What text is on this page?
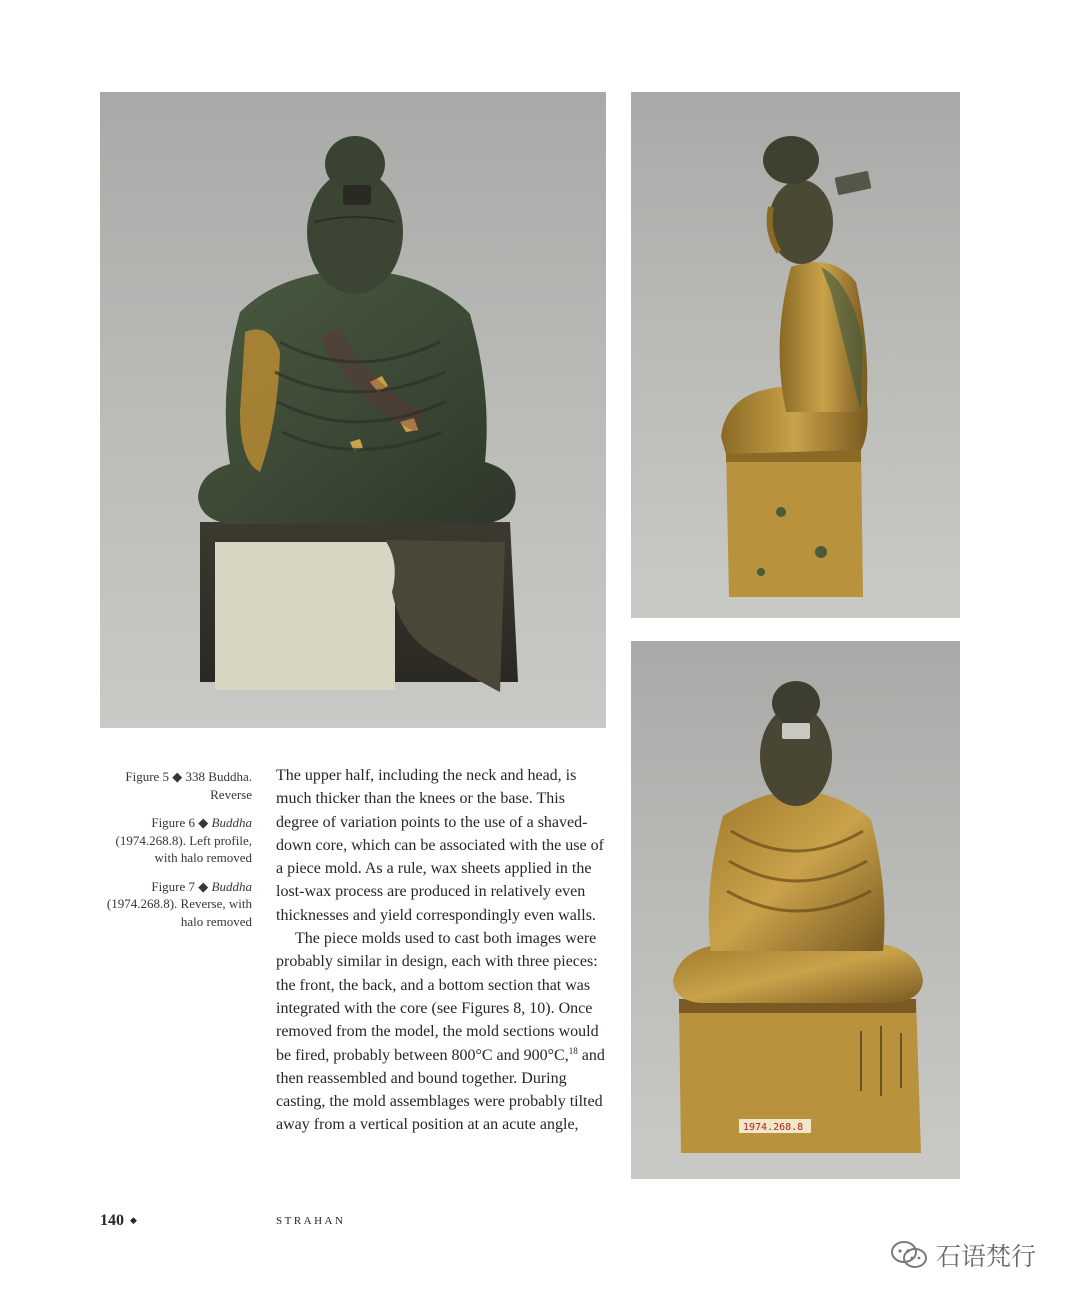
1974.268.8

Figure 5 ◆ 338 Buddha. Reverse

Figure 6 ◆ Buddha (1974.268.8). Left profile, with halo removed

Figure 7 ◆ Buddha (1974.268.8). Reverse, with halo removed

The upper half, including the neck and head, is much thicker than the knees or the base. This degree of variation points to the use of a shaved-down core, which can be associated with the use of a piece mold. As a rule, wax sheets applied in the lost-wax process are produced in relatively even thicknesses and yield correspondingly even walls.

The piece molds used to cast both images were probably similar in design, each with three pieces: the front, the back, and a bottom section that was integrated with the core (see Figures 8, 10). Once removed from the model, the mold sections would be fired, probably between 800°C and 900°C,$^{18}$ and then reassembled and bound together. During casting, the mold assemblages were probably tilted away from a vertical position at an acute angle,

140 ◆	STRAHAN
石语梵行
